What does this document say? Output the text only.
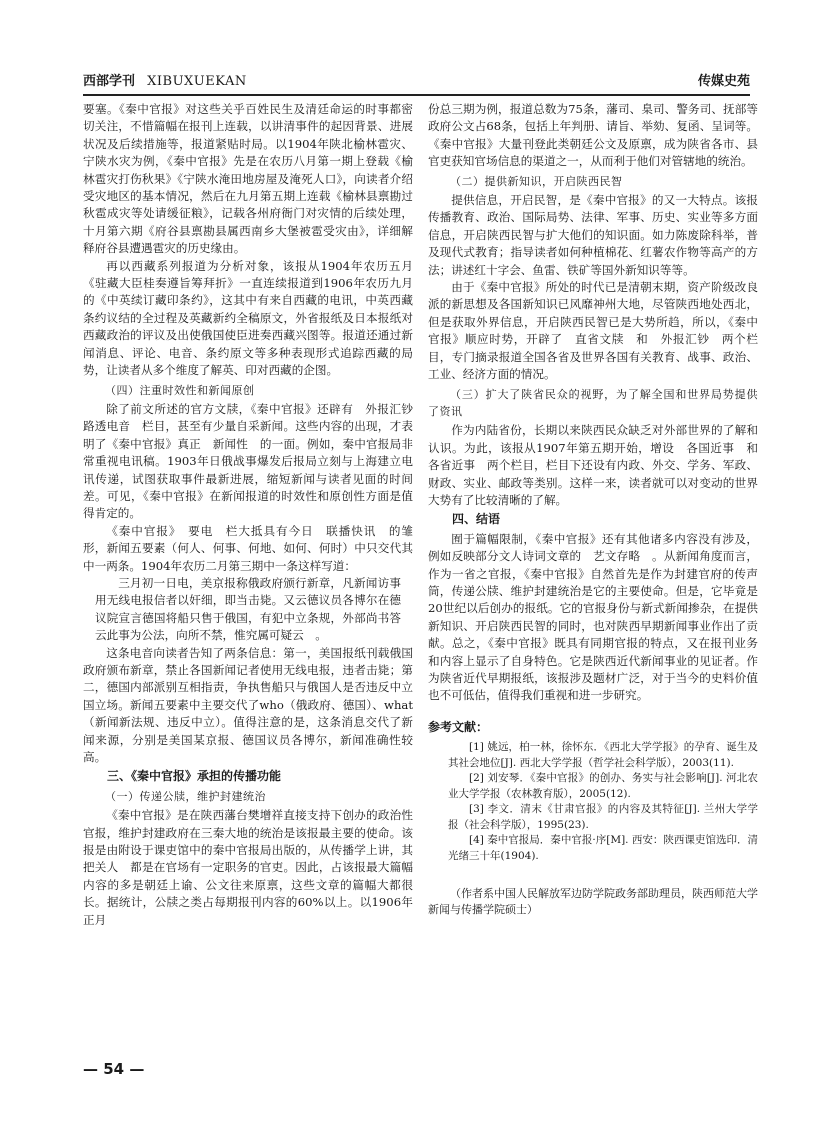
西部学刊 XIBUXUEKAN	传媒史苑

要塞。《秦中官报》对这些关乎百姓民生及清廷命运的时事都密切关注，不惜篇幅在报刊上连载，以讲清事件的起因背景、进展状况及后续措施等，报道紧贴时局。以1904年陕北榆林雹灾、宁陕水灾为例，《秦中官报》先是在农历八月第一期上登载《榆林雹灾打伤秋果》《宁陕水淹田地房屋及淹死人口》，向读者介绍受灾地区的基本情况，然后在九月第五期上连载《榆林县禀勘过秋雹成灾等处请缓征粮》，记载各州府衙门对灾情的后续处理，十月第六期《府谷县禀勘县属西南乡大堡被雹受灾由》，详细解释府谷县遭遇雹灾的历史缘由。

再以西藏系列报道为分析对象，该报从1904年农历五月《驻藏大臣桂奏遵旨筹拜折》一直连续报道到1906年农历九月的《中英续订藏印条约》，这其中有来自西藏的电讯，中英西藏条约议结的全过程及英藏新约全稿原文，外省报纸及日本报纸对西藏政治的评议及出使俄国使臣进奏西藏兴图等。报道还通过新闻消息、评论、电音、条约原文等多种表现形式追踪西藏的局势，让读者从多个维度了解英、印对西藏的企图。

（四）注重时效性和新闻原创

除了前文所述的官方文牍，《秦中官报》还辟有　外报汇钞　路透电音　栏目，甚至有少量自采新闻。这些内容的出现，才表明了《秦中官报》真正　新闻性　的一面。例如，秦中官报局非常重视电讯稿。1903年日俄战事爆发后报局立刻与上海建立电讯传递，试图获取事件最新进展，缩短新闻与读者见面的时间差。可见，《秦中官报》在新闻报道的时效性和原创性方面是值得肯定的。

《秦中官报》　要电　栏大抵具有今日　联播快讯　的雏形，新闻五要素（何人、何事、何地、如何、何时）中只交代其中一两条。1904年农历二月第三期中一条这样写道：

三月初一日电，美京报称俄政府颁行新章，凡新闻访事用无线电报信者以奸细，即当击毙。又云德议员各博尔在德议院宣言德国将船只售于俄国，有犯中立条规，外部尚书答云此事为公法，向所不禁，惟究属可疑云　。

这条电音向读者告知了两条信息：第一，美国报纸刊载俄国政府颁布新章，禁止各国新闻记者使用无线电报，违者击毙；第二，德国内部派别互相指责，争执售船只与俄国人是否违反中立国立场。新闻五要素中主要交代了who（俄政府、德国）、what（新闻新法规、违反中立）。值得注意的是，这条消息交代了新闻来源，分别是美国某京报、德国议员各博尔，新闻准确性较高。

三、《秦中官报》承担的传播功能
（一）传递公牍，维护封建统治

《秦中官报》是在陕西藩台樊增祥直接支持下创办的政治性官报，维护封建政府在三秦大地的统治是该报最主要的使命。该报是由附设于课吏馆中的秦中官报局出版的，从传播学上讲，其　把关人　都是在官场有一定职务的官吏。因此，占该报最大篇幅内容的多是朝廷上谕、公文往来原禀，这些文章的篇幅大都很长。据统计，公牍之类占每期报刊内容的60%以上。以1906年正月

份总三期为例，报道总数为75条，藩司、臬司、警务司、抚部等政府公文占68条，包括上年判册、请旨、举劾、复函、呈词等。《秦中官报》大量刊登此类朝廷公文及原禀，成为陕省各市、县官吏获知官场信息的渠道之一，从而利于他们对管辖地的统治。

（二）提供新知识，开启陕西民智

提供信息，开启民智，是《秦中官报》的又一大特点。该报传播教育、政治、国际局势、法律、军事、历史、实业等多方面信息，开启陕西民智与扩大他们的知识面。如力陈废除科举，普及现代式教育；指导读者如何种植棉花、红薯农作物等高产的方法；讲述红十字会、鱼雷、铁矿等国外新知识等等。

由于《秦中官报》所处的时代已是清朝末期，资产阶级改良派的新思想及各国新知识已风靡神州大地，尽管陕西地处西北，但是获取外界信息，开启陕西民智已是大势所趋，所以，《秦中官报》顺应时势，开辟了　直省文牍　和　外报汇钞　两个栏目，专门摘录报道全国各省及世界各国有关教育、战事、政治、工业、经济方面的情况。

（三）扩大了陕省民众的视野，为了解全国和世界局势提供了资讯

作为内陆省份，长期以来陕西民众缺乏对外部世界的了解和认识。为此，该报从1907年第五期开始，增设　各国近事　和　各省近事　两个栏目，栏目下还设有内政、外交、学务、军政、财政、实业、邮政等类别。这样一来，读者就可以对变动的世界大势有了比较清晰的了解。

四、结语

囿于篇幅限制，《秦中官报》还有其他诸多内容没有涉及，例如反映部分文人诗词文章的　艺文存略　。从新闻角度而言，作为一省之官报，《秦中官报》自然首先是作为封建官府的传声筒，传递公牍、维护封建统治是它的主要使命。但是，它毕竟是20世纪以后创办的报纸。它的官报身份与新式新闻掺杂，在提供新知识、开启陕西民智的同时，也对陕西早期新闻事业作出了贡献。总之，《秦中官报》既具有同期官报的特点，又在报刊业务和内容上显示了自身特色。它是陕西近代新闻事业的见证者。作为陕省近代早期报纸，该报涉及题材广泛，对于当今的史料价值也不可低估，值得我们重视和进一步研究。

参考文献：

[1] 姚远，柏一林，徐怀东．《西北大学学报》的孕育、诞生及其社会地位[J]. 西北大学学报（哲学社会科学版），2003(11).

[2] 刘安琴．《秦中官报》的创办、务实与社会影响[J]. 河北农业大学学报（农林教育版），2005(12).

[3] 李文．清末《甘肃官报》的内容及其特征[J]. 兰州大学学报（社会科学版），1995(23).

[4] 秦中官报局．秦中官报·序[M]. 西安：陕西课吏馆选印．清光绪三十年(1904).

（作者系中国人民解放军边防学院政务部助理员，陕西师范大学新闻与传播学院硕士）
— 54 —
